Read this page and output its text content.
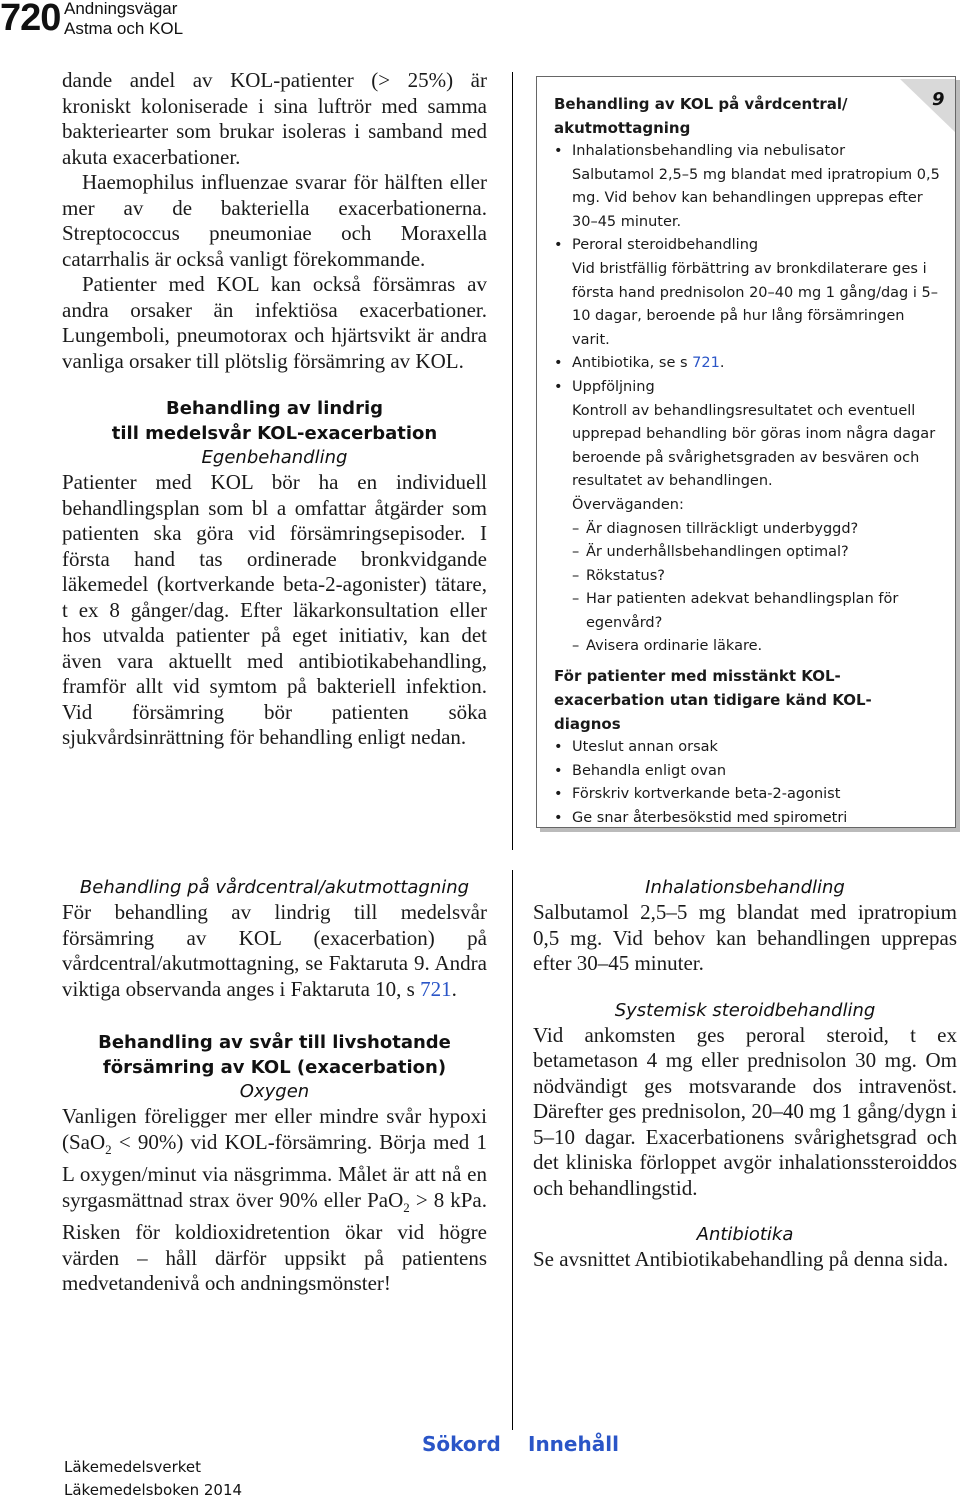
720 Andningsvägar
Astma och KOL

dande andel av KOL-patienter (> 25%) är kroniskt koloniserade i sina luftrör med samma bakteriearter som brukar isoleras i samband med akuta exacerbationer.

Haemophilus influenzae svarar för hälften eller mer av de bakteriella exacerbationerna. Streptococcus pneumoniae och Moraxella catarrhalis är också vanligt förekommande.

Patienter med KOL kan också försämras av andra orsaker än infektiösa exacerbationer. Lungemboli, pneumotorax och hjärtsvikt är andra vanliga orsaker till plötslig försämring av KOL.

Behandling av lindrig
till medelsvår KOL-exacerbation
Egenbehandling

Patienter med KOL bör ha en individuell behandlingsplan som bl a omfattar åtgärder som patienten ska göra vid försämringsepisoder. I första hand tas ordinerade bronkvidgande läkemedel (kortverkande beta-2-agonister) tätare, t ex 8 gånger/dag. Efter läkarkonsultation eller hos utvalda patienter på eget initiativ, kan det även vara aktuellt med antibiotikabehandling, framför allt vid symtom på bakteriell infektion. Vid försämring bör patienten söka sjukvårdsinrättning för behandling enligt nedan.

Behandling på vårdcentral/akutmottagning

För behandling av lindrig till medelsvår försämring av KOL (exacerbation) på vårdcentral/akutmottagning, se Faktaruta 9. Andra viktiga observanda anges i Faktaruta 10, s 721.

Behandling av svår till livshotande
försämring av KOL (exacerbation)
Oxygen

Vanligen föreligger mer eller mindre svår hypoxi (SaO$_2$ < 90%) vid KOL-försämring. Börja med 1 L oxygen/minut via näsgrimma. Målet är att nå en syrgasmättnad strax över 90% eller PaO$_2$ > 8 kPa. Risken för koldioxidretention ökar vid högre värden – håll därför uppsikt på patientens medvetandenivå och andningsmönster!

9
Behandling av KOL på vårdcentral/ akutmottagning
• Inhalationsbehandling via nebulisator
Salbutamol 2,5–5 mg blandat med ipratropium 0,5 mg. Vid behov kan behandlingen upprepas efter 30–45 minuter.
• Peroral steroidbehandling
Vid bristfällig förbättring av bronkdilaterare ges i första hand prednisolon 20–40 mg 1 gång/dag i 5–10 dagar, beroende på hur lång försämringen varit.
• Antibiotika, se s 721.
• Uppföljning
Kontroll av behandlingsresultatet och eventuell upprepad behandling bör göras inom några dagar beroende på svårighetsgraden av besvären och resultatet av behandlingen.
Överväganden:
– Är diagnosen tillräckligt underbyggd?
– Är underhållsbehandlingen optimal?
– Rökstatus?
– Har patienten adekvat behandlingsplan för egenvård?
– Avisera ordinarie läkare.
För patienter med misstänkt KOL-exacerbation utan tidigare känd KOL-diagnos
• Uteslut annan orsak
• Behandla enligt ovan
• Förskriv kortverkande beta-2-agonist
• Ge snar återbesökstid med spirometri
Inhalationsbehandling

Salbutamol 2,5–5 mg blandat med ipratropium 0,5 mg. Vid behov kan behandlingen upprepas efter 30–45 minuter.

Systemisk steroidbehandling

Vid ankomsten ges peroral steroid, t ex betametason 4 mg eller prednisolon 30 mg. Om nödvändigt ges motsvarande dos intravenöst. Därefter ges prednisolon, 20–40 mg 1 gång/dygn i 5–10 dagar. Exacerbationens svårighetsgrad och det kliniska förloppet avgör inhalationssteroiddos och behandlingstid.

Antibiotika

Se avsnittet Antibiotikabehandling på denna sida.

Läkemedelsverket
Läkemedelsboken 2014
Sökord Innehåll
